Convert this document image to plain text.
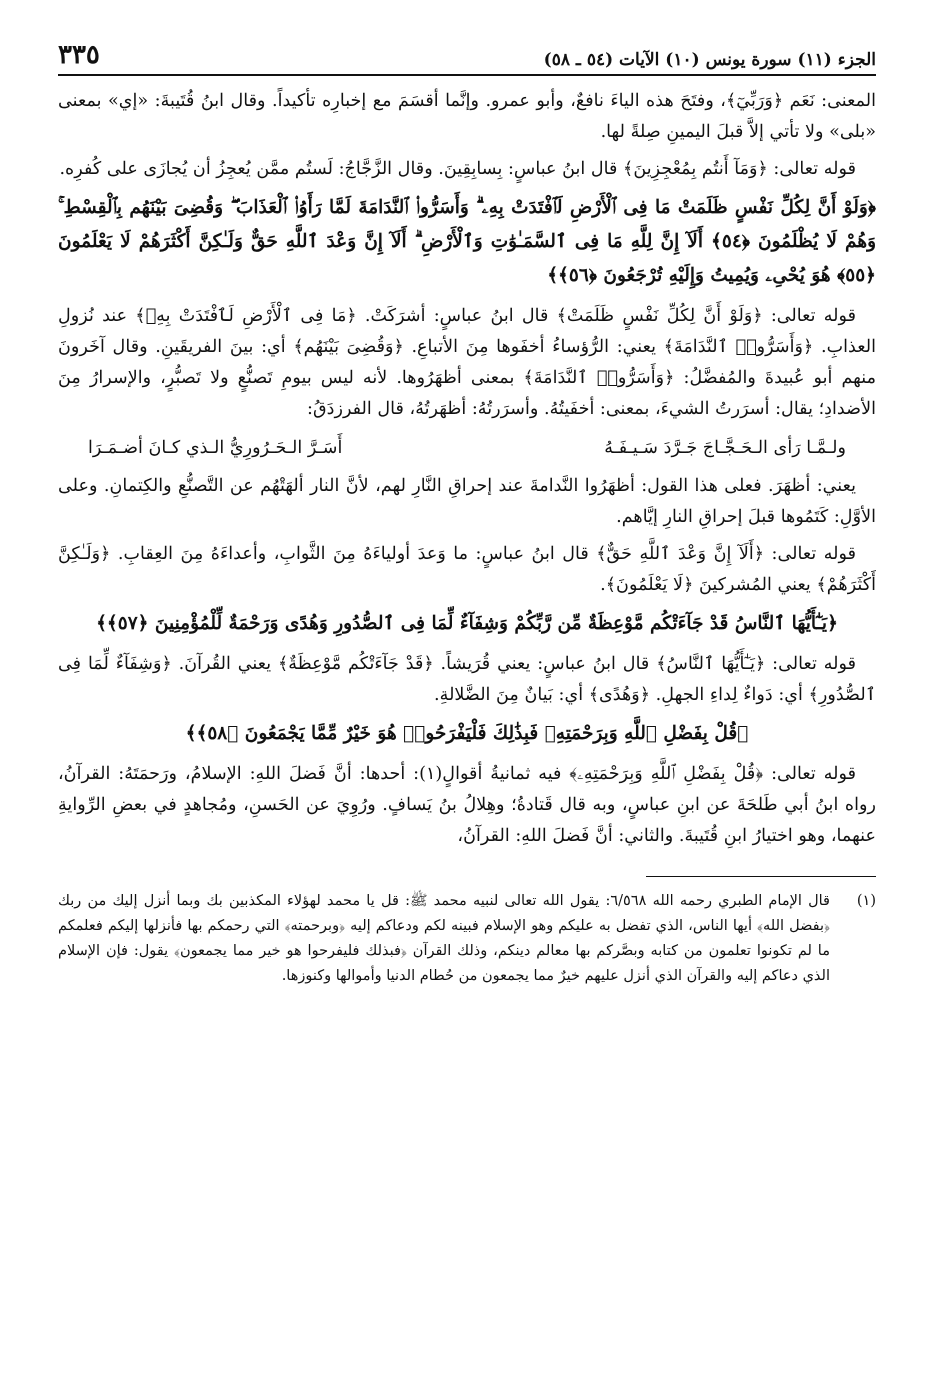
الجزء (١١) سورة يونس (١٠) الآيات (٥٤ ـ ٥٨)
٣٣٥

المعنى: نَعَم ﴿وَرَبِّيٓ﴾، وفتَحَ هذه الياءَ نافعٌ، وأبو عمرو. وإنَّما أقسَمَ مع إخبارِه تأكيداً. وقال ابنُ قُتَيبةَ: «إي» بمعنى «بلى» ولا تأتي إلاَّ قبلَ اليمينِ صِلةً لها.

قوله تعالى: ﴿وَمَآ أَنتُم بِمُعْجِزِينَ﴾ قال ابنُ عباسٍ: بِسابِقِينَ. وقال الزَّجَّاجُ: لَستُم ممَّن يُعجِزُ أن يُجازَى على كُفرِه.

﴿وَلَوْ أَنَّ لِكُلِّ نَفْسٍ ظَلَمَتْ مَا فِى ٱلْأَرْضِ لَٱفْتَدَتْ بِهِۦ ۗ وَأَسَرُّوا۟ ٱلنَّدَامَةَ لَمَّا رَأَوُا۟ ٱلْعَذَابَ ۖ وَقُضِىَ بَيْنَهُم بِٱلْقِسْطِ ۚ وَهُمْ لَا يُظْلَمُونَ ﴿٥٤﴾ أَلَآ إِنَّ لِلَّهِ مَا فِى ٱلسَّمَـٰوَٰتِ وَٱلْأَرْضِ ۗ أَلَآ إِنَّ وَعْدَ ٱللَّهِ حَقٌّ وَلَـٰكِنَّ أَكْثَرَهُمْ لَا يَعْلَمُونَ ﴿٥٥﴾ هُوَ يُحْىِۦ وَيُمِيتُ وَإِلَيْهِ تُرْجَعُونَ ﴿٥٦﴾﴾

قوله تعالى: ﴿وَلَوْ أَنَّ لِكُلِّ نَفْسٍ ظَلَمَتْ﴾ قال ابنُ عباسٍ: أشرَكَتْ. ﴿مَا فِى ٱلْأَرْضِ لَٱفْتَدَتْ بِهِۦ﴾ عند نُزولِ العذابِ. ﴿وَأَسَرُّوا۟ ٱلنَّدَامَةَ﴾ يعني: الرُّؤساءُ أخفَوها مِنَ الأتباعِ. ﴿وَقُضِىَ بَيْنَهُم﴾ أي: بينَ الفريقَينِ. وقال آخَرونَ منهم أبو عُبيدةَ والمُفضَّلُ: ﴿وَأَسَرُّوا۟ ٱلنَّدَامَةَ﴾ بمعنى أظهَرُوها. لأنه ليس بيومِ تَصنُّعٍ ولا تَصبُّرٍ، والإسرارُ مِنَ الأضدادِ؛ يقال: أسرَرتُ الشيءَ، بمعنى: أخفَيتُهُ. وأسرَرتُهُ: أظهَرتُهُ، قال الفرزدَقُ:

ولـمَّـا رَأى الـحَـجَّـاجَ جَـرَّدَ سَـيـفَـهُ
أَسَـرَّ الـحَـرُورِيُّ الـذي كـانَ أضـمَـرَا

يعني: أظهَرَ. فعلى هذا القول: أظهَرُوا النَّدامةَ عند إحراقِ النَّارِ لهم، لأنَّ النار ألهَتْهُم عن التَّصنُّعِ والكِتمانِ. وعلى الأوَّلِ: كَتَمُوها قبلَ إحراقِ النارِ إيَّاهم.

قوله تعالى: ﴿أَلَآ إِنَّ وَعْدَ ٱللَّهِ حَقٌّ﴾ قال ابنُ عباسٍ: ما وَعدَ أولياءَهُ مِنَ الثَّوابِ، وأعداءَهُ مِنَ العِقابِ. ﴿وَلَـٰكِنَّ أَكْثَرَهُمْ﴾ يعني المُشركينَ ﴿لَا يَعْلَمُونَ﴾.

﴿يَـٰٓأَيُّهَا ٱلنَّاسُ قَدْ جَآءَتْكُم مَّوْعِظَةٌ مِّن رَّبِّكُمْ وَشِفَآءٌ لِّمَا فِى ٱلصُّدُورِ وَهُدًى وَرَحْمَةٌ لِّلْمُؤْمِنِينَ ﴿٥٧﴾﴾

قوله تعالى: ﴿يَـٰٓأَيُّهَا ٱلنَّاسُ﴾ قال ابنُ عباسٍ: يعني قُرَيشاً. ﴿قَدْ جَآءَتْكُم مَّوْعِظَةٌ﴾ يعني القُرآنَ. ﴿وَشِفَآءٌ لِّمَا فِى ٱلصُّدُورِ﴾ أي: دَواءٌ لِداءِ الجهلِ. ﴿وَهُدًى﴾ أي: بَيانٌ مِنَ الضَّلالةِ.

﴿قُلْ بِفَضْلِ ٱللَّهِ وَبِرَحْمَتِهِۦ فَبِذَٰلِكَ فَلْيَفْرَحُوا۟ هُوَ خَيْرٌ مِّمَّا يَجْمَعُونَ ﴿٥٨﴾﴾

قوله تعالى: ﴿قُلْ بِفَضْلِ ٱللَّهِ وَبِرَحْمَتِهِۦ﴾ فيه ثمانيةُ أقوالٍ(١): أحدها: أنَّ فَضلَ اللهِ: الإسلامُ، ورَحمَتَهُ: القرآنُ، رواه ابنُ أبي طَلحَةَ عن ابنِ عباسٍ، وبه قال قَتادةُ؛ وهِلالُ بنُ يَسافٍ. ورُوِيَ عن الحَسنِ، ومُجاهدٍ في بعضِ الرِّوايةِ عنهما، وهو اختيارُ ابنِ قُتَيبةَ. والثاني: أنَّ فَضلَ اللهِ: القرآنُ،

(١)
قال الإمام الطبري رحمه الله ٦/٥٦٨: يقول الله تعالى لنبيه محمد ﷺ: قل يا محمد لهؤلاء المكذبين بك وبما أنزل إليك من ربك ﴿بفضل الله﴾ أيها الناس، الذي تفضل به عليكم وهو الإسلام فبينه لكم ودعاكم إليه ﴿وبرحمته﴾ التي رحمكم بها فأنزلها إليكم فعلمكم ما لم تكونوا تعلمون من كتابه وبصَّركم بها معالم دينكم، وذلك القرآن ﴿فبذلك فليفرحوا هو خير مما يجمعون﴾ يقول: فإن الإسلام الذي دعاكم إليه والقرآن الذي أنزل عليهم خيرٌ مما يجمعون من حُطام الدنيا وأموالها وكنوزها.
